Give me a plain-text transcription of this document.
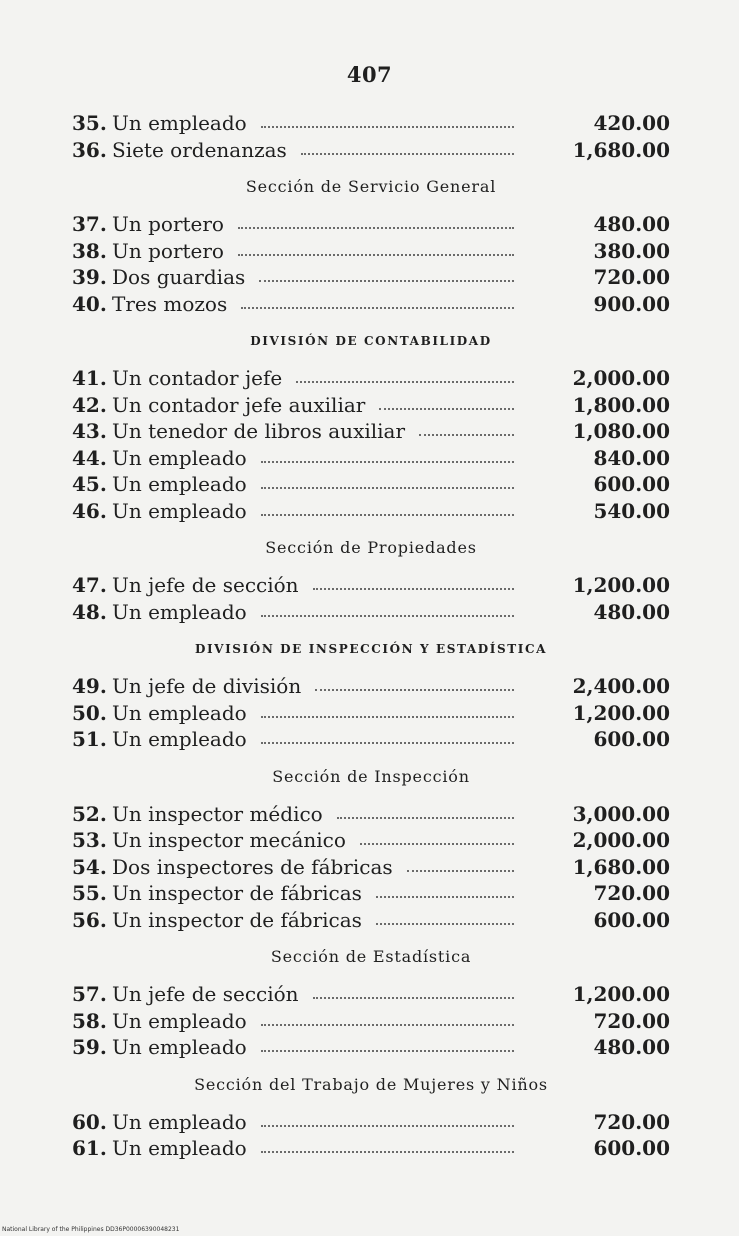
407
35. Un empleado	420.00
36. Siete ordenanzas	1,680.00
Sección de Servicio General
37. Un portero	480.00
38. Un portero	380.00
39. Dos guardias	720.00
40. Tres mozos	900.00
DIVISIÓN DE CONTABILIDAD
41. Un contador jefe	2,000.00
42. Un contador jefe auxiliar	1,800.00
43. Un tenedor de libros auxiliar	1,080.00
44. Un empleado	840.00
45. Un empleado	600.00
46. Un empleado	540.00
Sección de Propiedades
47. Un jefe de sección	1,200.00
48. Un empleado	480.00
DIVISIÓN DE INSPECCIÓN Y ESTADÍSTICA
49. Un jefe de división	2,400.00
50. Un empleado	1,200.00
51. Un empleado	600.00
Sección de Inspección
52. Un inspector médico	3,000.00
53. Un inspector mecánico	2,000.00
54. Dos inspectores de fábricas	1,680.00
55. Un inspector de fábricas	720.00
56. Un inspector de fábricas	600.00
Sección de Estadística
57. Un jefe de sección	1,200.00
58. Un empleado	720.00
59. Un empleado	480.00
Sección del Trabajo de Mujeres y Niños
60. Un empleado	720.00
61. Un empleado	600.00
National Library of the Philippines DD36P00006390048231
